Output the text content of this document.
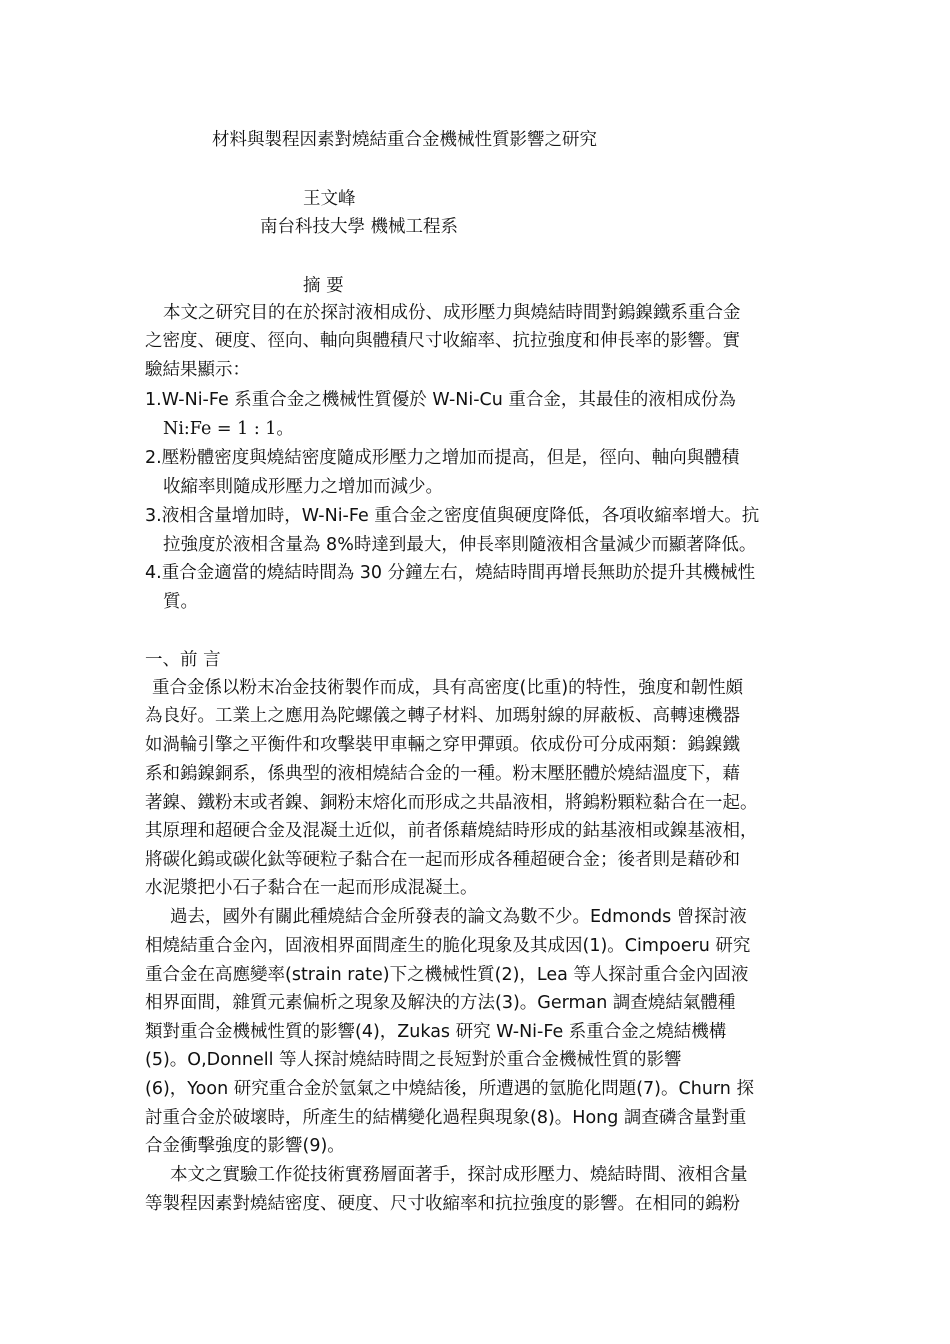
材料與製程因素對燒結重合金機械性質影響之研究
王文峰
南台科技大學 機械工程系
摘 要
本文之研究目的在於探討液相成份、成形壓力與燒結時間對鎢鎳鐵系重合金
之密度、硬度、徑向、軸向與體積尺寸收縮率、抗拉強度和伸長率的影響。實
驗結果顯示：
1.W-Ni-Fe 系重合金之機械性質優於 W-Ni-Cu 重合金，其最佳的液相成份為
Ni:Fe = 1 : 1。
2.壓粉體密度與燒結密度隨成形壓力之增加而提高，但是，徑向、軸向與體積
收縮率則隨成形壓力之增加而減少。
3.液相含量增加時，W-Ni-Fe 重合金之密度值與硬度降低，各項收縮率增大。抗
拉強度於液相含量為 8%時達到最大，伸長率則隨液相含量減少而顯著降低。
4.重合金適當的燒結時間為 30 分鐘左右，燒結時間再增長無助於提升其機械性
質。
一、前 言
重合金係以粉末冶金技術製作而成，具有高密度(比重)的特性，強度和韌性頗
為良好。工業上之應用為陀螺儀之轉子材料、加瑪射線的屏蔽板、高轉速機器
如渦輪引擎之平衡件和攻擊裝甲車輛之穿甲彈頭。依成份可分成兩類：鎢鎳鐵
系和鎢鎳銅系，係典型的液相燒結合金的一種。粉末壓胚體於燒結溫度下，藉
著鎳、鐵粉末或者鎳、銅粉末熔化而形成之共晶液相，將鎢粉顆粒黏合在一起。
其原理和超硬合金及混凝土近似，前者係藉燒結時形成的鈷基液相或鎳基液相，
將碳化鎢或碳化鈦等硬粒子黏合在一起而形成各種超硬合金；後者則是藉砂和
水泥漿把小石子黏合在一起而形成混凝土。
過去，國外有關此種燒結合金所發表的論文為數不少。Edmonds 曾探討液
相燒結重合金內，固液相界面間產生的脆化現象及其成因(1)。Cimpoeru 研究
重合金在高應變率(strain rate)下之機械性質(2)，Lea 等人探討重合金內固液
相界面間，雜質元素偏析之現象及解決的方法(3)。German 調查燒結氣體種
類對重合金機械性質的影響(4)，Zukas 研究 W-Ni-Fe 系重合金之燒結機構
(5)。O,Donnell 等人探討燒結時間之長短對於重合金機械性質的影響
(6)，Yoon 研究重合金於氫氣之中燒結後，所遭遇的氫脆化問題(7)。Churn 探
討重合金於破壞時，所產生的結構變化過程與現象(8)。Hong 調查磷含量對重
合金衝擊強度的影響(9)。
本文之實驗工作從技術實務層面著手，探討成形壓力、燒結時間、液相含量
等製程因素對燒結密度、硬度、尺寸收縮率和抗拉強度的影響。在相同的鎢粉
